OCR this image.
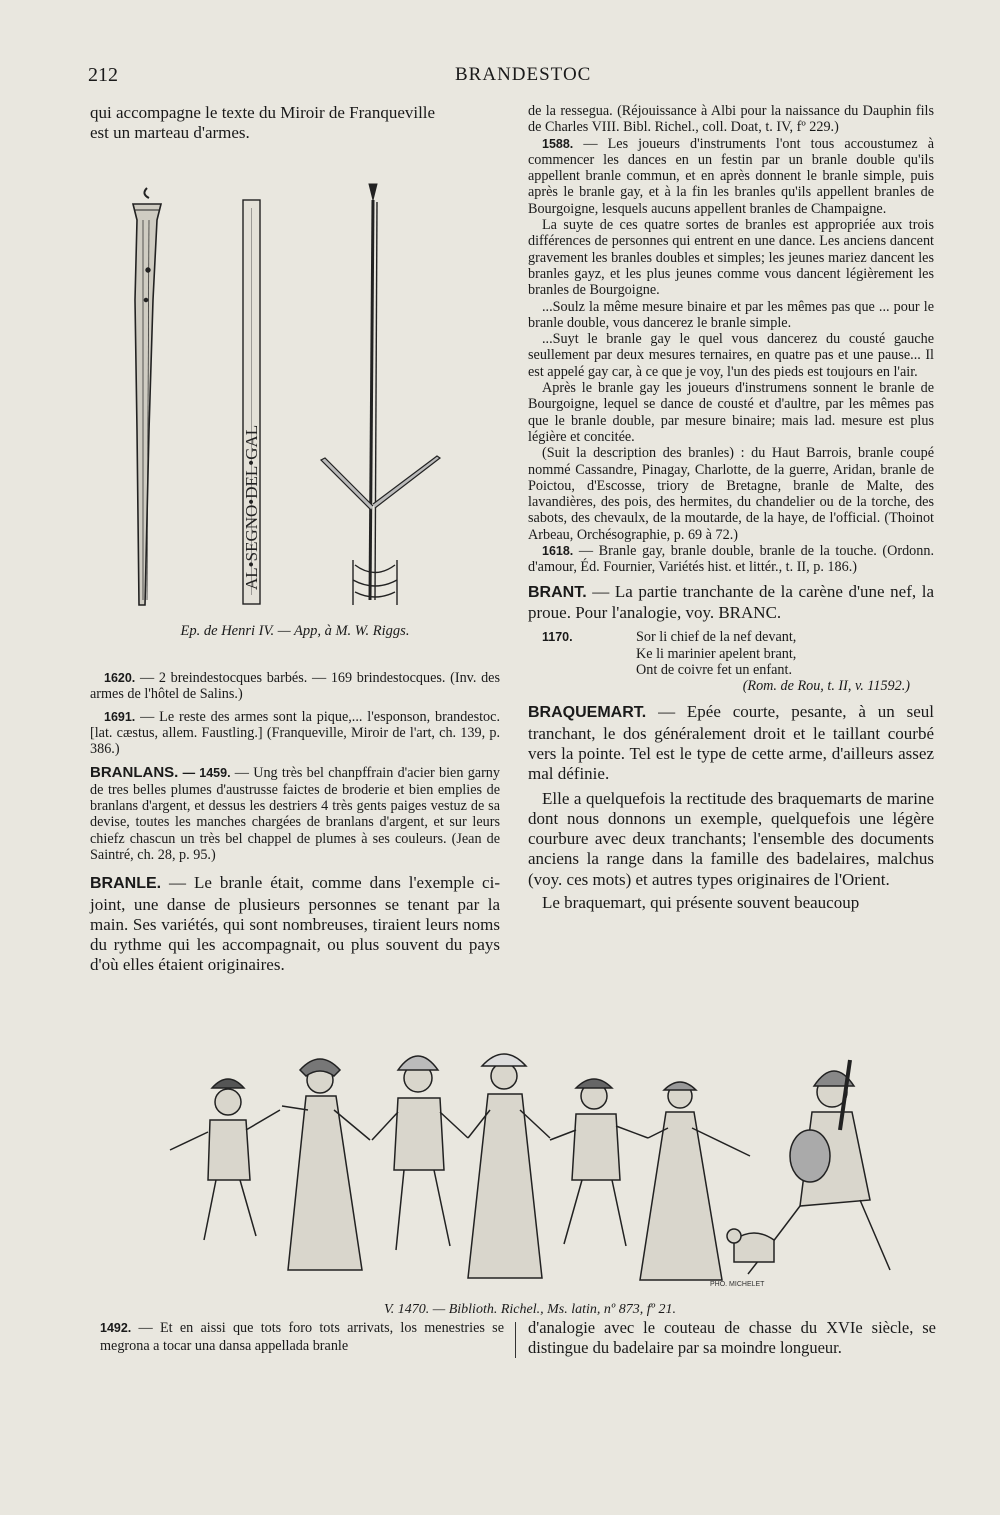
212	BRANDESTOC

qui accompagne le texte du Miroir de Franqueville

est un marteau d'armes.

AL•SEGNO•DEL•GAL
Ep. de Henri IV. — App, à M. W. Riggs.

1620. — 2 breindestocques barbés. — 169 brindestocques. (Inv. des armes de l'hôtel de Salins.)

1691. — Le reste des armes sont la pique,... l'esponson, brandestoc. [lat. cæstus, allem. Faustling.] (Franqueville, Miroir de l'art, ch. 139, p. 386.)

BRANLANS. — 1459. — Ung très bel chanpffrain d'acier bien garny de tres belles plumes d'austrusse faictes de broderie et bien emplies de branlans d'argent, et dessus les destriers 4 très gents paiges vestuz de sa devise, toutes les manches chargées de branlans d'argent, et sur leurs chiefz chascun un très bel chappel de plumes à ses couleurs. (Jean de Saintré, ch. 28, p. 95.)

BRANLE. — Le branle était, comme dans l'exemple ci-joint, une danse de plusieurs personnes se tenant par la main. Ses variétés, qui sont nombreuses, tiraient leurs noms du rythme qui les accompagnait, ou plus souvent du pays d'où elles étaient originaires.

de la ressegua. (Réjouissance à Albi pour la naissance du Dauphin fils de Charles VIII. Bibl. Richel., coll. Doat, t. IV, fº 229.)

1588. — Les joueurs d'instruments l'ont tous accoustumez à commencer les dances en un festin par un branle double qu'ils appellent branle commun, et en après donnent le branle simple, puis après le branle gay, et à la fin les branles qu'ils appellent branles de Bourgoigne, lesquels aucuns appellent branles de Champaigne.

La suyte de ces quatre sortes de branles est appropriée aux trois différences de personnes qui entrent en une dance. Les anciens dancent gravement les branles doubles et simples; les jeunes mariez dancent les branles gayz, et les plus jeunes comme vous dancent légièrement les branles de Bourgoigne.

...Soulz la même mesure binaire et par les mêmes pas que ... pour le branle double, vous dancerez le branle simple.

...Suyt le branle gay le quel vous dancerez du cousté gauche seullement par deux mesures ternaires, en quatre pas et une pause... Il est appelé gay car, à ce que je voy, l'un des pieds est toujours en l'air.

Après le branle gay les joueurs d'instrumens sonnent le branle de Bourgoigne, lequel se dance de cousté et d'aultre, par les mêmes pas que le branle double, par mesure binaire; mais lad. mesure est plus légière et concitée.

(Suit la description des branles) : du Haut Barrois, branle coupé nommé Cassandre, Pinagay, Charlotte, de la guerre, Aridan, branle de Poictou, d'Escosse, triory de Bretagne, branle de Malte, des lavandières, des pois, des hermites, du chandelier ou de la torche, des sabots, des chevaulx, de la moutarde, de la haye, de l'official. (Thoinot Arbeau, Orchésographie, p. 69 à 72.)

1618. — Branle gay, branle double, branle de la touche. (Ordonn. d'amour, Éd. Fournier, Variétés hist. et littér., t. II, p. 186.)

BRANT. — La partie tranchante de la carène d'une nef, la proue. Pour l'analogie, voy. BRANC.

1170.	Sor li chief de la nef devant,
Ke li marinier apelent brant,
Ont de coivre fet un enfant.
(Rom. de Rou, t. II, v. 11592.)

BRAQUEMART. — Epée courte, pesante, à un seul tranchant, le dos généralement droit et le taillant courbé vers la pointe. Tel est le type de cette arme, d'ailleurs assez mal définie.

Elle a quelquefois la rectitude des braquemarts de marine dont nous donnons un exemple, quelquefois une légère courbure avec deux tranchants; l'ensemble des documents anciens la range dans la famille des badelaires, malchus (voy. ces mots) et autres types originaires de l'Orient.

Le braquemart, qui présente souvent beaucoup

PHO. MICHELET
V. 1470. — Biblioth. Richel., Ms. latin, nº 873, fº 21.
1492. — Et en aissi que tots foro tots arrivats, los menestries se megrona a tocar una dansa appellada branle
d'analogie avec le couteau de chasse du XVIe siècle, se distingue du badelaire par sa moindre longueur.
